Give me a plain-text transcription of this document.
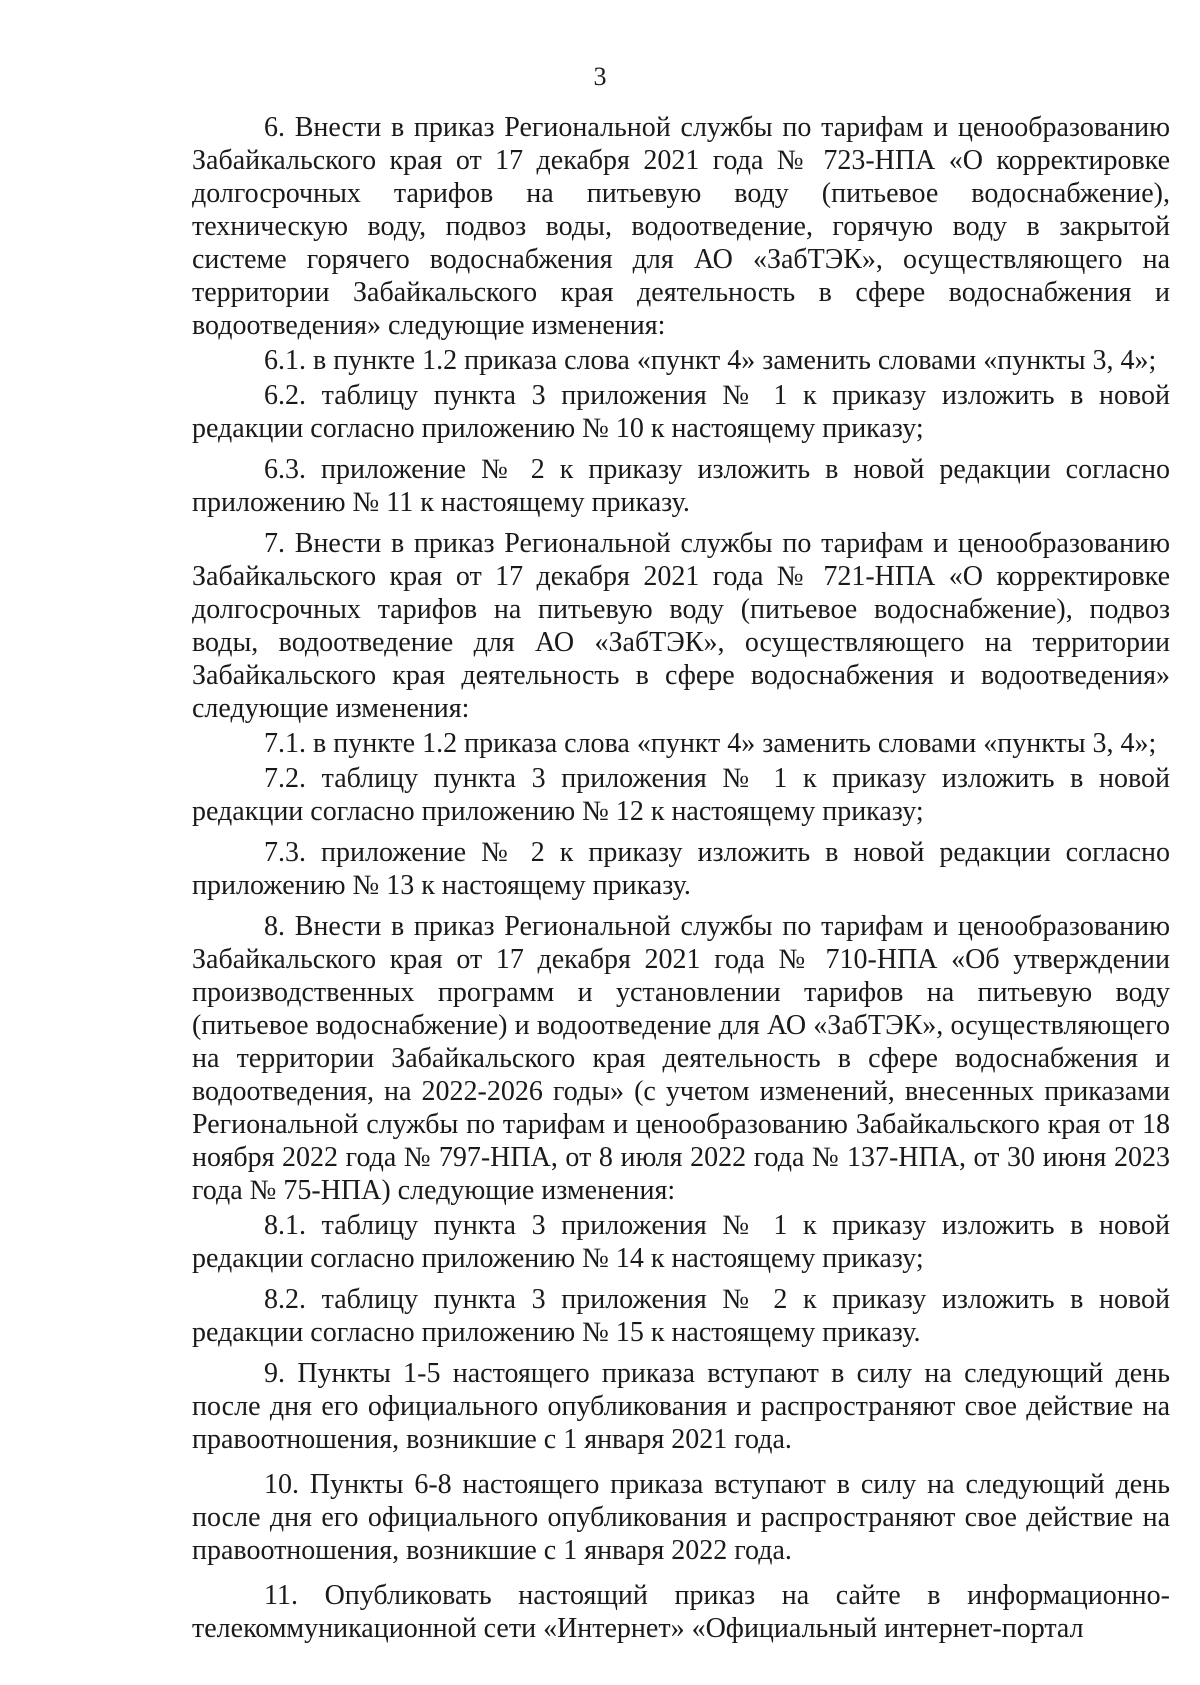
3

6. Внести в приказ Региональной службы по тарифам и ценообразованию Забайкальского края от 17 декабря 2021 года № 723-НПА «О корректировке долгосрочных тарифов на питьевую воду (питьевое водоснабжение), техническую воду, подвоз воды, водоотведение, горячую воду в закрытой системе горячего водоснабжения для АО «ЗабТЭК», осуществляющего на территории Забайкальского края деятельность в сфере водоснабжения и водоотведения» следующие изменения:

6.1. в пункте 1.2 приказа слова «пункт 4» заменить словами «пункты 3, 4»;

6.2. таблицу пункта 3 приложения № 1 к приказу изложить в новой редакции согласно приложению № 10 к настоящему приказу;

6.3. приложение № 2 к приказу изложить в новой редакции согласно приложению № 11 к настоящему приказу.

7. Внести в приказ Региональной службы по тарифам и ценообразованию Забайкальского края от 17 декабря 2021 года № 721-НПА «О корректировке долгосрочных тарифов на питьевую воду (питьевое водоснабжение), подвоз воды, водоотведение для АО «ЗабТЭК», осуществляющего на территории Забайкальского края деятельность в сфере водоснабжения и водоотведения» следующие изменения:

7.1. в пункте 1.2 приказа слова «пункт 4» заменить словами «пункты 3, 4»;

7.2. таблицу пункта 3 приложения № 1 к приказу изложить в новой редакции согласно приложению № 12 к настоящему приказу;

7.3. приложение № 2 к приказу изложить в новой редакции согласно приложению № 13 к настоящему приказу.

8. Внести в приказ Региональной службы по тарифам и ценообразованию Забайкальского края от 17 декабря 2021 года № 710-НПА «Об утверждении производственных программ и установлении тарифов на питьевую воду (питьевое водоснабжение) и водоотведение для АО «ЗабТЭК», осуществляющего на территории Забайкальского края деятельность в сфере водоснабжения и водоотведения, на 2022-2026 годы» (с учетом изменений, внесенных приказами Региональной службы по тарифам и ценообразованию Забайкальского края от 18 ноября 2022 года № 797-НПА, от 8 июля 2022 года № 137-НПА, от 30 июня 2023 года № 75-НПА) следующие изменения:

8.1. таблицу пункта 3 приложения № 1 к приказу изложить в новой редакции согласно приложению № 14 к настоящему приказу;

8.2. таблицу пункта 3 приложения № 2 к приказу изложить в новой редакции согласно приложению № 15 к настоящему приказу.

9. Пункты 1-5 настоящего приказа вступают в силу на следующий день после дня его официального опубликования и распространяют свое действие на правоотношения, возникшие с 1 января 2021 года.

10. Пункты 6-8 настоящего приказа вступают в силу на следующий день после дня его официального опубликования и распространяют свое действие на правоотношения, возникшие с 1 января 2022 года.

11. Опубликовать настоящий приказ на сайте в информационно-телекоммуникационной сети «Интернет» «Официальный интернет-портал
